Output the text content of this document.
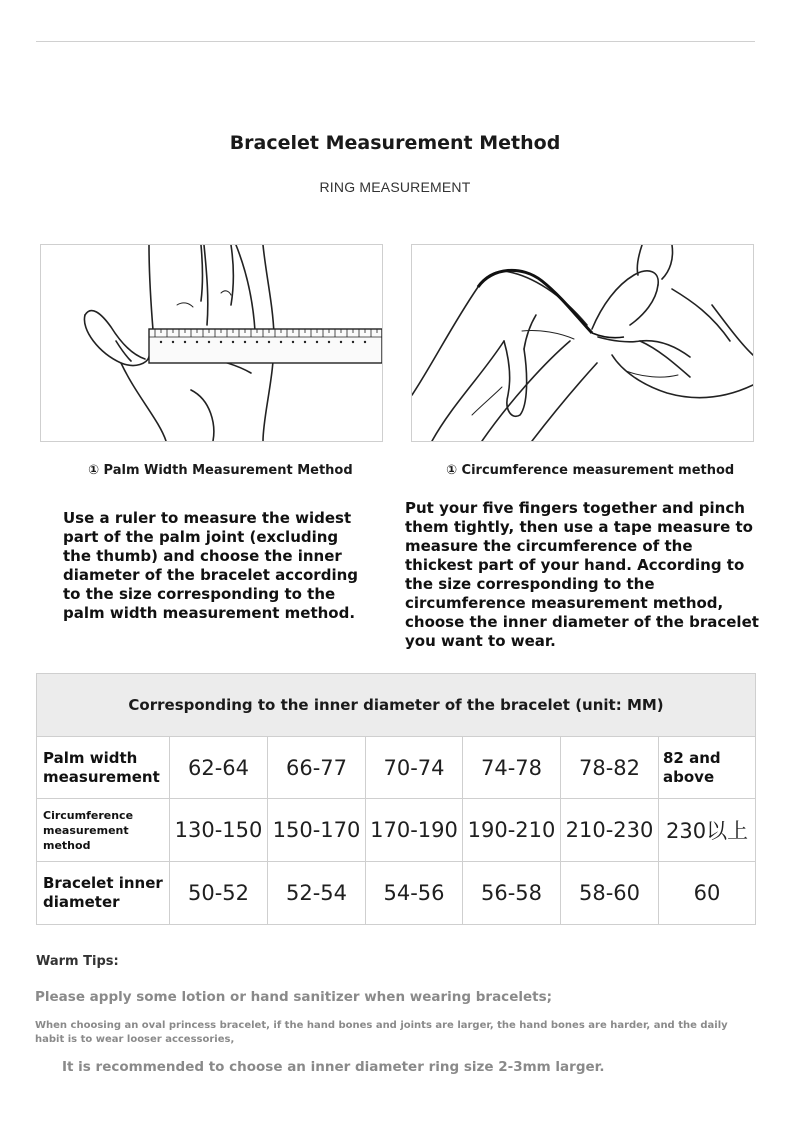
Bracelet Measurement Method
RING MEASUREMENT
① Palm Width Measurement Method	① Circumference measurement method
Use a ruler to measure the widest part of the palm joint (excluding the thumb) and choose the inner diameter of the bracelet according to the size corresponding to the palm width measurement method.
Put your five fingers together and pinch them tightly, then use a tape measure to measure the circumference of the thickest part of your hand. According to the size corresponding to the circumference measurement method, choose the inner diameter of the bracelet you want to wear.
Corresponding to the inner diameter of the bracelet (unit: MM)						
Palm width measurement	62-64	66-77	70-74	74-78	78-82	82 and above
Circumference measurement method	130-150	150-170	170-190	190-210	210-230	230以上
Bracelet inner diameter	50-52	52-54	54-56	56-58	58-60	60
Warm Tips:
Please apply some lotion or hand sanitizer when wearing bracelets;
When choosing an oval princess bracelet, if the hand bones and joints are larger, the hand bones are harder, and the daily habit is to wear looser accessories,
It is recommended to choose an inner diameter ring size 2-3mm larger.
